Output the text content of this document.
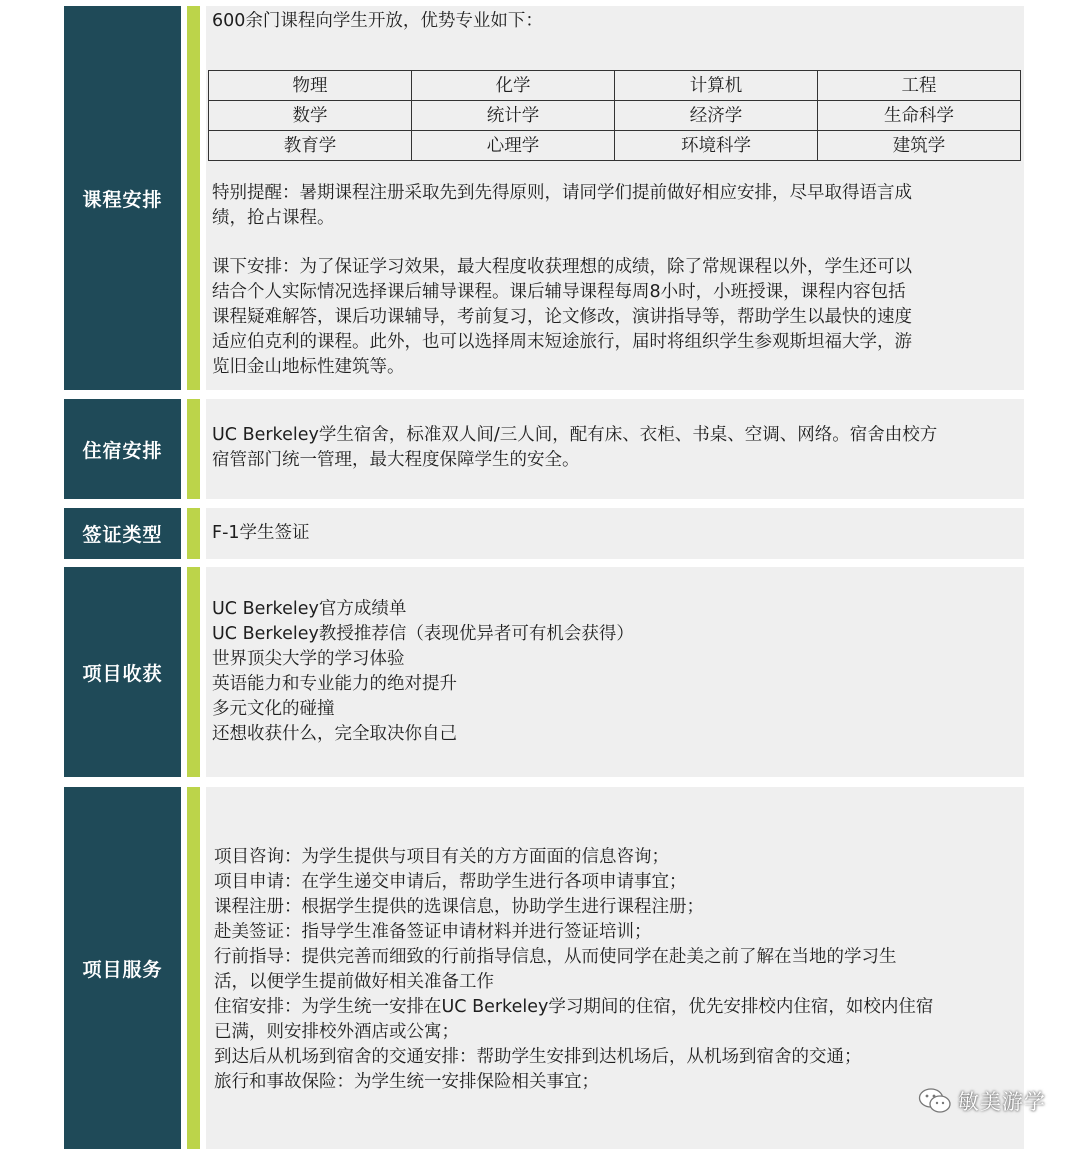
课程安排

600余门课程向学生开放，优势专业如下：

特别提醒：暑期课程注册采取先到先得原则，请同学们提前做好相应安排，尽早取得语言成
绩，抢占课程。

课下安排：为了保证学习效果，最大程度收获理想的成绩，除了常规课程以外，学生还可以
结合个人实际情况选择课后辅导课程。课后辅导课程每周8小时，小班授课，课程内容包括
课程疑难解答，课后功课辅导，考前复习，论文修改，演讲指导等，帮助学生以最快的速度
适应伯克利的课程。此外，也可以选择周末短途旅行，届时将组织学生参观斯坦福大学，游
览旧金山地标性建筑等。

物理	化学	计算机	工程
数学	统计学	经济学	生命科学
教育学	心理学	环境科学	建筑学
住宿安排

UC Berkeley学生宿舍，标准双人间/三人间，配有床、衣柜、书桌、空调、网络。宿舍由校方
宿管部门统一管理，最大程度保障学生的安全。

签证类型	F-1学生签证

项目收获

UC Berkeley官方成绩单
UC Berkeley教授推荐信（表现优异者可有机会获得）
世界顶尖大学的学习体验
英语能力和专业能力的绝对提升
多元文化的碰撞
还想收获什么，完全取决你自己

项目服务

项目咨询：为学生提供与项目有关的方方面面的信息咨询；
项目申请：在学生递交申请后，帮助学生进行各项申请事宜；
课程注册：根据学生提供的选课信息，协助学生进行课程注册；
赴美签证：指导学生准备签证申请材料并进行签证培训；
行前指导：提供完善而细致的行前指导信息，从而使同学在赴美之前了解在当地的学习生
活，以便学生提前做好相关准备工作
住宿安排：为学生统一安排在UC Berkeley学习期间的住宿，优先安排校内住宿，如校内住宿
已满，则安排校外酒店或公寓；
到达后从机场到宿舍的交通安排：帮助学生安排到达机场后，从机场到宿舍的交通；
旅行和事故保险：为学生统一安排保险相关事宜；

敏美游学
